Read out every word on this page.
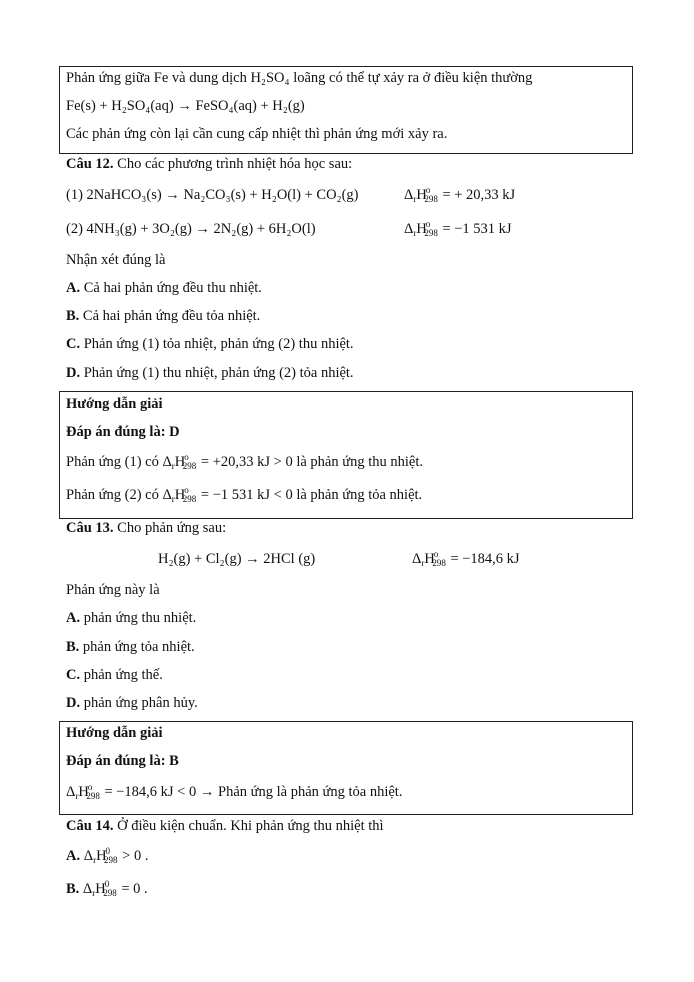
Phản ứng giữa Fe và dung dịch H₂SO₄ loãng có thể tự xảy ra ở điều kiện thường
Fe(s) + H₂SO₄(aq) → FeSO₄(aq) + H₂(g)
Các phản ứng còn lại cần cung cấp nhiệt thì phản ứng mới xảy ra.
Câu 12. Cho các phương trình nhiệt hóa học sau:
(1) 2NaHCO₃(s) → Na₂CO₃(s) + H₂O(l) + CO₂(g)	$\Delta_rH^o_{298}$ = + 20,33 kJ
(2) 4NH₃(g) + 3O₂(g) → 2N₂(g) + 6H₂O(l)	$\Delta_rH^o_{298} = -1$ 531 kJ
Nhận xét đúng là
A. Cả hai phản ứng đều thu nhiệt.
B. Cả hai phản ứng đều tỏa nhiệt.
C. Phản ứng (1) tỏa nhiệt, phản ứng (2) thu nhiệt.
D. Phản ứng (1) thu nhiệt, phản ứng (2) tỏa nhiệt.
Hướng dẫn giải
Đáp án đúng là: D
Phản ứng (1) có $\Delta_rH^o_{298} = +20,33$ kJ > 0 là phản ứng thu nhiệt.
Phản ứng (2) có $\Delta_rH^o_{298} = -1$ 531 kJ < 0 là phản ứng tỏa nhiệt.
Câu 13. Cho phản ứng sau:
H₂(g) + Cl₂(g) → 2HCl (g)	$\Delta_rH^o_{298} = -184,6$ kJ
Phản ứng này là
A. phản ứng thu nhiệt.
B. phản ứng tỏa nhiệt.
C. phản ứng thế.
D. phản ứng phân hủy.
Hướng dẫn giải
Đáp án đúng là: B
$\Delta_rH^o_{298} = -184,6$ kJ < 0 → Phản ứng là phản ứng tỏa nhiệt.
Câu 14. Ở điều kiện chuẩn. Khi phản ứng thu nhiệt thì
A. $\Delta_rH^0_{298} > 0$ .
B. $\Delta_rH^0_{298} = 0$ .
